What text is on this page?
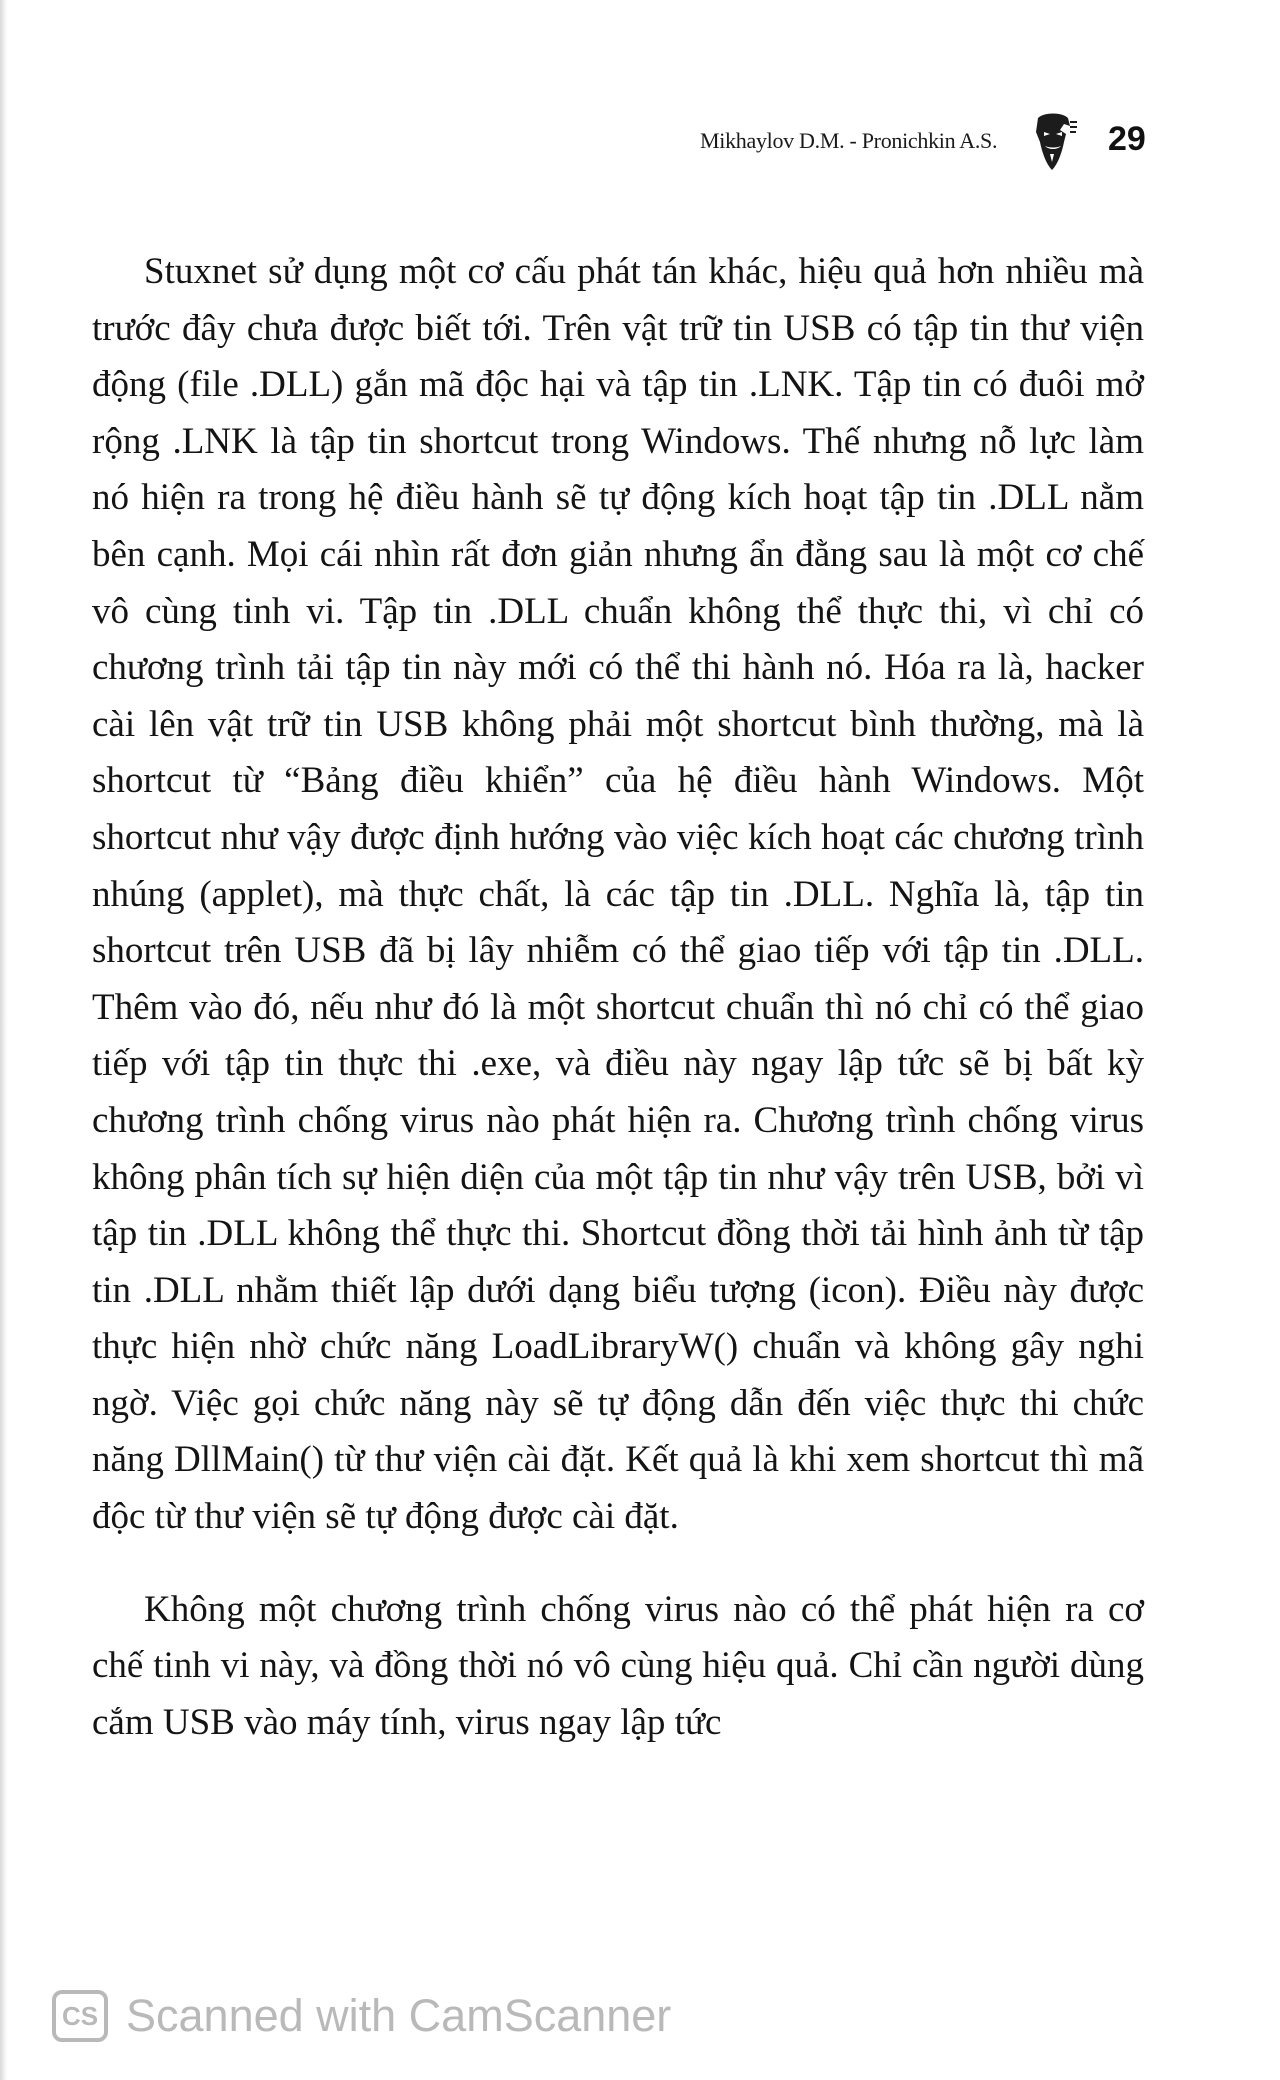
Mikhaylov D.M. - Pronichkin A.S.	29

Stuxnet sử dụng một cơ cấu phát tán khác, hiệu quả hơn nhiều mà trước đây chưa được biết tới. Trên vật trữ tin USB có tập tin thư viện động (file .DLL) gắn mã độc hại và tập tin .LNK. Tập tin có đuôi mở rộng .LNK là tập tin shortcut trong Windows. Thế nhưng nỗ lực làm nó hiện ra trong hệ điều hành sẽ tự động kích hoạt tập tin .DLL nằm bên cạnh. Mọi cái nhìn rất đơn giản nhưng ẩn đằng sau là một cơ chế vô cùng tinh vi. Tập tin .DLL chuẩn không thể thực thi, vì chỉ có chương trình tải tập tin này mới có thể thi hành nó. Hóa ra là, hacker cài lên vật trữ tin USB không phải một shortcut bình thường, mà là shortcut từ “Bảng điều khiển” của hệ điều hành Windows. Một shortcut như vậy được định hướng vào việc kích hoạt các chương trình nhúng (applet), mà thực chất, là các tập tin .DLL. Nghĩa là, tập tin shortcut trên USB đã bị lây nhiễm có thể giao tiếp với tập tin .DLL. Thêm vào đó, nếu như đó là một shortcut chuẩn thì nó chỉ có thể giao tiếp với tập tin thực thi .exe, và điều này ngay lập tức sẽ bị bất kỳ chương trình chống virus nào phát hiện ra. Chương trình chống virus không phân tích sự hiện diện của một tập tin như vậy trên USB, bởi vì tập tin .DLL không thể thực thi. Shortcut đồng thời tải hình ảnh từ tập tin .DLL nhằm thiết lập dưới dạng biểu tượng (icon). Điều này được thực hiện nhờ chức năng LoadLibraryW() chuẩn và không gây nghi ngờ. Việc gọi chức năng này sẽ tự động dẫn đến việc thực thi chức năng DllMain() từ thư viện cài đặt. Kết quả là khi xem shortcut thì mã độc từ thư viện sẽ tự động được cài đặt.

Không một chương trình chống virus nào có thể phát hiện ra cơ chế tinh vi này, và đồng thời nó vô cùng hiệu quả. Chỉ cần người dùng cắm USB vào máy tính, virus ngay lập tức

CS Scanned with CamScanner
